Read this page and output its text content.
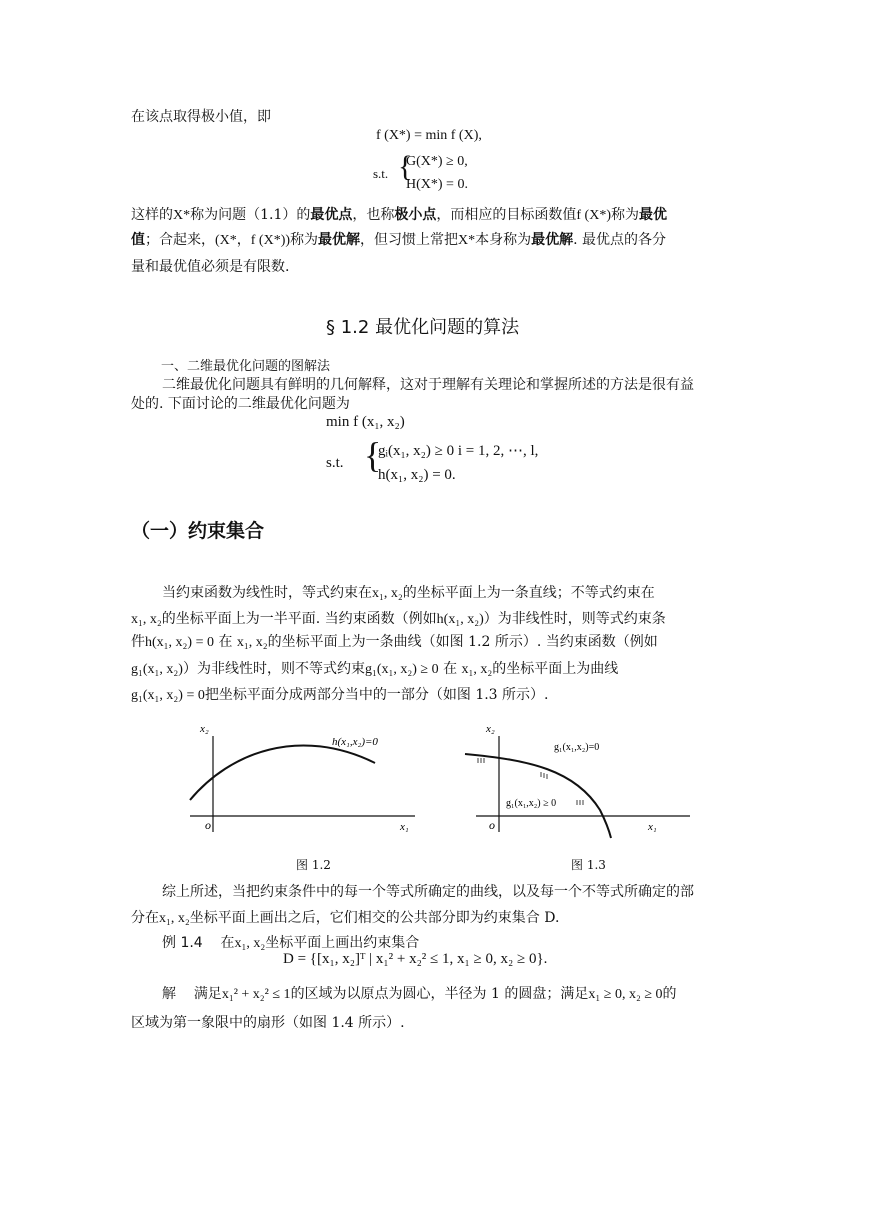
在该点取得极小值，即
f (X*) = min f (X),
s.t. {
G(X*) ≥ 0,
H(X*) = 0.
这样的X*称为问题（1.1）的最优点，也称极小点，而相应的目标函数值f (X*)称为最优
值；合起来，(X*，f (X*))称为最优解，但习惯上常把X*本身称为最优解. 最优点的各分
量和最优值必须是有限数.
§ 1.2 最优化问题的算法
一、二维最优化问题的图解法
二维最优化问题具有鲜明的几何解释，这对于理解有关理论和掌握所述的方法是很有益
处的. 下面讨论的二维最优化问题为
min f (x₁, x₂)
s.t. {
gᵢ(x₁, x₂) ≥ 0 i = 1, 2, ⋯, l,
h(x₁, x₂) = 0.
（一）约束集合
当约束函数为线性时，等式约束在x₁, x₂的坐标平面上为一条直线；不等式约束在
x₁, x₂的坐标平面上为一半平面. 当约束函数（例如h(x₁, x₂)）为非线性时，则等式约束条
件h(x₁, x₂) = 0 在 x₁, x₂的坐标平面上为一条曲线（如图 1.2 所示）. 当约束函数（例如
g₁(x₁, x₂)）为非线性时，则不等式约束g₁(x₁, x₂) ≥ 0 在 x₁, x₂的坐标平面上为曲线
g₁(x₁, x₂) = 0把坐标平面分成两部分当中的一部分（如图 1.3 所示）.
x₂
x₁
o
h(x₁,x₂)=0
x₂
x₁
o
g₁(x₁,x₂)=0
g₁(x₁,x₂) ≥ 0
图 1.2	图 1.3
综上所述，当把约束条件中的每一个等式所确定的曲线，以及每一个不等式所确定的部
分在x₁, x₂坐标平面上画出之后，它们相交的公共部分即为约束集合 D.
例 1.4 在x₁, x₂坐标平面上画出约束集合
D = {[x₁, x₂]ᵀ | x₁² + x₂² ≤ 1, x₁ ≥ 0, x₂ ≥ 0}.
解 满足x₁² + x₂² ≤ 1的区域为以原点为圆心，半径为 1 的圆盘；满足x₁ ≥ 0, x₂ ≥ 0的
区域为第一象限中的扇形（如图 1.4 所示）.
